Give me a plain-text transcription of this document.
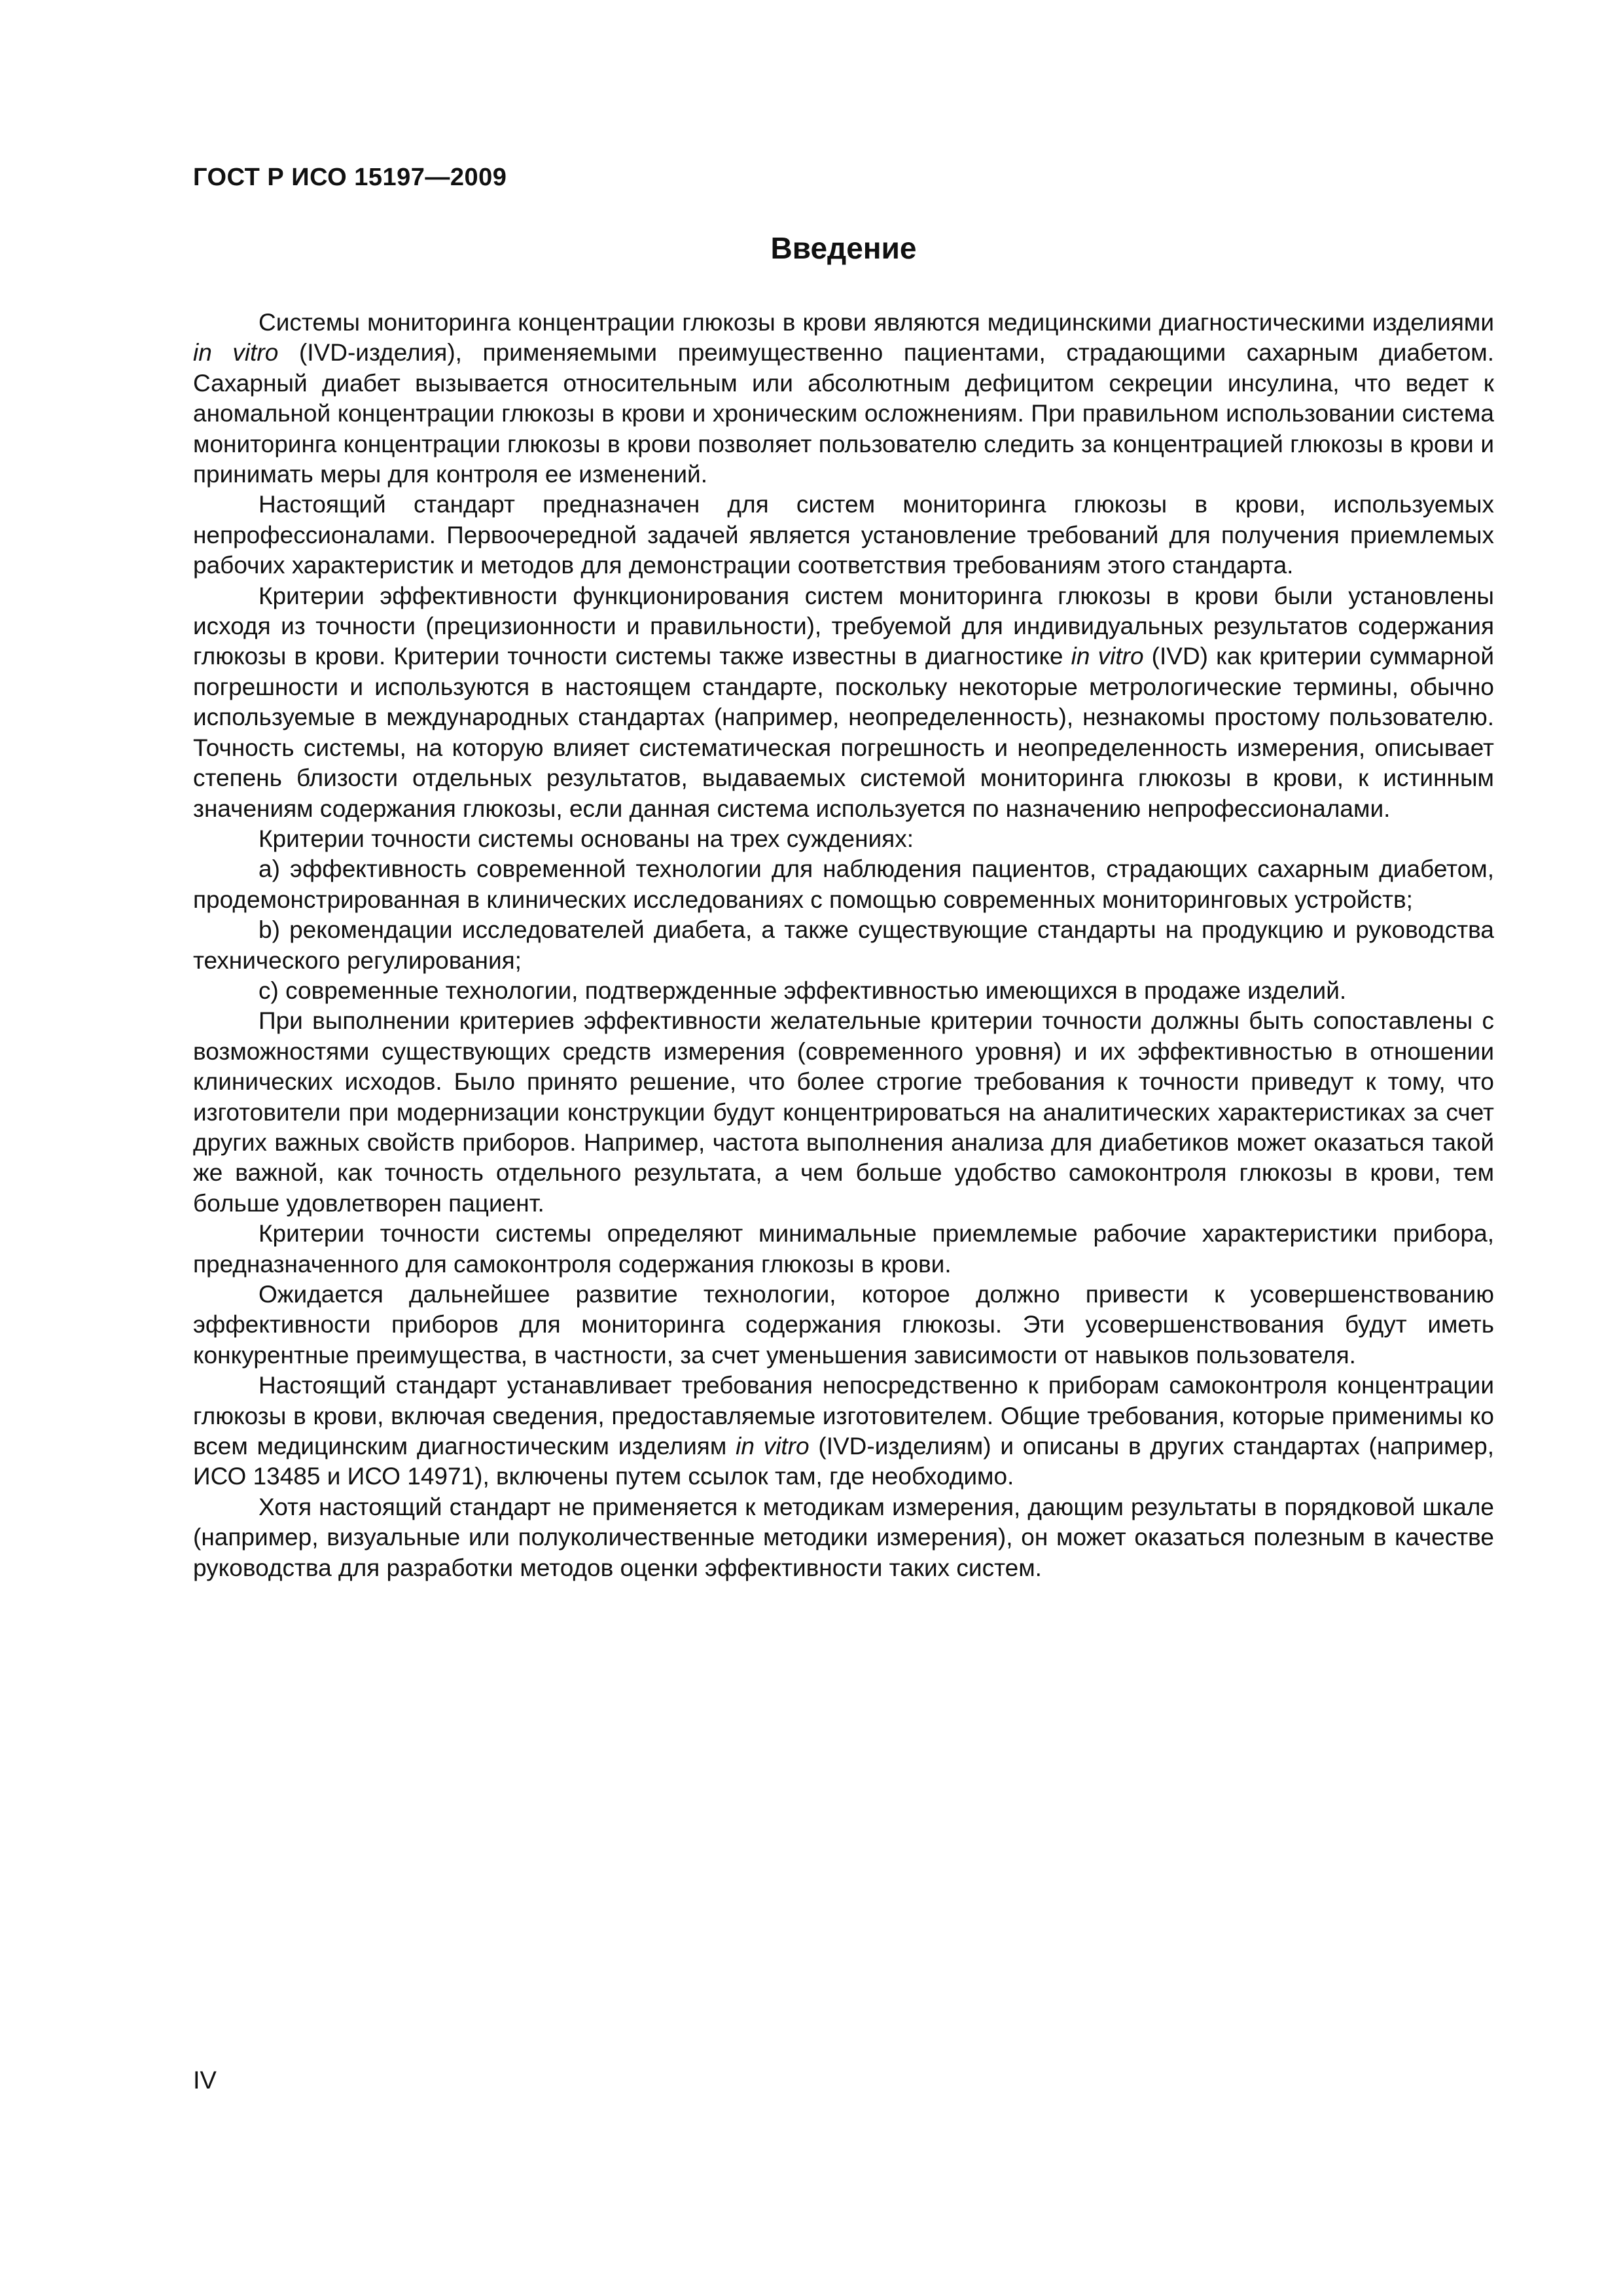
ГОСТ Р ИСО 15197—2009
Введение

Системы мониторинга концентрации глюкозы в крови являются медицинскими диагностическими изделиями in vitro (IVD-изделия), применяемыми преимущественно пациентами, страдающими сахарным диабетом. Сахарный диабет вызывается относительным или абсолютным дефицитом секреции инсулина, что ведет к аномальной концентрации глюкозы в крови и хроническим осложнениям. При правильном использовании система мониторинга концентрации глюкозы в крови позволяет пользователю следить за концентрацией глюкозы в крови и принимать меры для контроля ее изменений.

Настоящий стандарт предназначен для систем мониторинга глюкозы в крови, используемых непрофессионалами. Первоочередной задачей является установление требований для получения приемлемых рабочих характеристик и методов для демонстрации соответствия требованиям этого стандарта.

Критерии эффективности функционирования систем мониторинга глюкозы в крови были установлены исходя из точности (прецизионности и правильности), требуемой для индивидуальных результатов содержания глюкозы в крови. Критерии точности системы также известны в диагностике in vitro (IVD) как критерии суммарной погрешности и используются в настоящем стандарте, поскольку некоторые метрологические термины, обычно используемые в международных стандартах (например, неопределенность), незнакомы простому пользователю. Точность системы, на которую влияет систематическая погрешность и неопределенность измерения, описывает степень близости отдельных результатов, выдаваемых системой мониторинга глюкозы в крови, к истинным значениям содержания глюкозы, если данная система используется по назначению непрофессионалами.

Критерии точности системы основаны на трех суждениях:

a) эффективность современной технологии для наблюдения пациентов, страдающих сахарным диабетом, продемонстрированная в клинических исследованиях с помощью современных мониторинговых устройств;

b) рекомендации исследователей диабета, а также существующие стандарты на продукцию и руководства технического регулирования;

c) современные технологии, подтвержденные эффективностью имеющихся в продаже изделий.

При выполнении критериев эффективности желательные критерии точности должны быть сопоставлены с возможностями существующих средств измерения (современного уровня) и их эффективностью в отношении клинических исходов. Было принято решение, что более строгие требования к точности приведут к тому, что изготовители при модернизации конструкции будут концентрироваться на аналитических характеристиках за счет других важных свойств приборов. Например, частота выполнения анализа для диабетиков может оказаться такой же важной, как точность отдельного результата, а чем больше удобство самоконтроля глюкозы в крови, тем больше удовлетворен пациент.

Критерии точности системы определяют минимальные приемлемые рабочие характеристики прибора, предназначенного для самоконтроля содержания глюкозы в крови.

Ожидается дальнейшее развитие технологии, которое должно привести к усовершенствованию эффективности приборов для мониторинга содержания глюкозы. Эти усовершенствования будут иметь конкурентные преимущества, в частности, за счет уменьшения зависимости от навыков пользователя.

Настоящий стандарт устанавливает требования непосредственно к приборам самоконтроля концентрации глюкозы в крови, включая сведения, предоставляемые изготовителем. Общие требования, которые применимы ко всем медицинским диагностическим изделиям in vitro (IVD-изделиям) и описаны в других стандартах (например, ИСО 13485 и ИСО 14971), включены путем ссылок там, где необходимо.

Хотя настоящий стандарт не применяется к методикам измерения, дающим результаты в порядковой шкале (например, визуальные или полуколичественные методики измерения), он может оказаться полезным в качестве руководства для разработки методов оценки эффективности таких систем.

IV
